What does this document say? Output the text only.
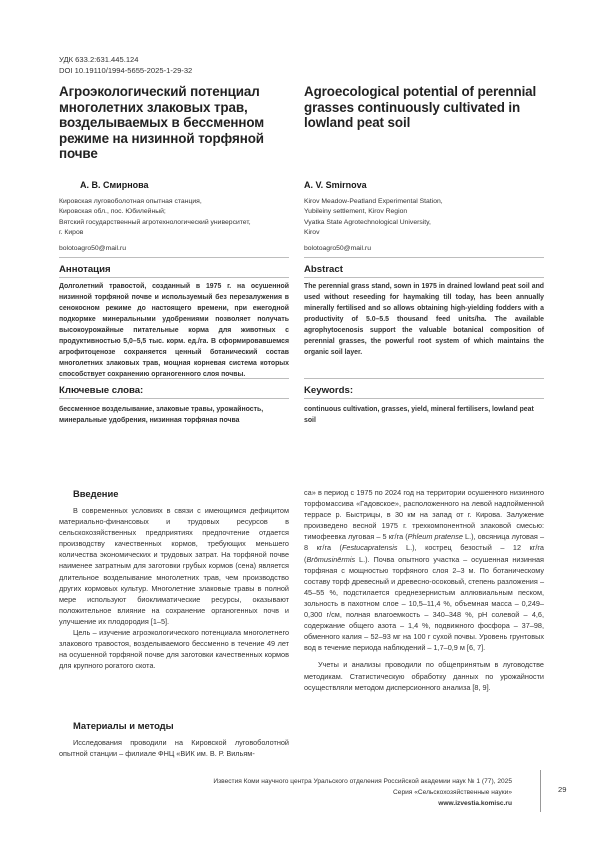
УДК 633.2:631.445.124
DOI 10.19110/1994-5655-2025-1-29-32
Агроэкологический потенциал многолетних злаковых трав, возделываемых в бессменном режиме на низинной торфяной почве
Agroecological potential of perennial grasses continuously cultivated in lowland peat soil
А. В. Смирнова	A. V. Smirnova
Кировская луговоболотная опытная станция,
Кировская обл., пос. Юбилейный;
Вятский государственный агротехнологический университет,
г. Киров
Kirov Meadow-Peatland Experimental Station,
Yubileiny settlement, Kirov Region
Vyatka State Agrotechnological University,
Kirov
bolotoagro50@mail.ru	bolotoagro50@mail.ru
Аннотация	Abstract
Долголетний травостой, созданный в 1975 г. на осушенной низинной торфяной почве и используемый без перезалужения в сенокосном режиме до настоящего времени, при ежегодной подкормке минеральными удобрениями позволяет получать высокоурожайные питательные корма для животных с продуктивностью 5,0–5,5 тыс. корм. ед./га. В сформировавшемся агрофитоценозе сохраняется ценный ботанический состав многолетних злаковых трав, мощная корневая система которых способствует сохранению органогенного слоя почвы.
The perennial grass stand, sown in 1975 in drained lowland peat soil and used without reseeding for haymaking till today, has been annually minerally fertilised and so allows obtaining high-yielding fodders with a productivity of 5.0–5.5 thousand feed units/ha. The available agrophytocenosis support the valuable botanical composition of perennial grasses, the powerful root system of which maintains the organic soil layer.
Ключевые слова:	Keywords:
бессменное возделывание, злаковые травы, урожайность, минеральные удобрения, низинная торфяная почва
continuous cultivation, grasses, yield, mineral fertilisers, lowland peat soil
Введение

В современных условиях в связи с имеющимся дефицитом материально-финансовых и трудовых ресурсов в сельскохозяйственных предприятиях предпочтение отдается производству качественных кормов, требующих меньшего количества экономических и трудовых затрат. На торфяной почве наименее затратным для заготовки грубых кормов (сена) является длительное возделывание многолетних трав, чем производство других кормовых культур. Многолетние злаковые травы в полной мере используют биоклиматические ресурсы, оказывают положительное влияние на сохранение органогенных почв и улучшение их плодородия [1–5].

Цель – изучение агроэкологического потенциала многолетнего злакового травостоя, возделываемого бессменно в течение 49 лет на осушенной торфяной почве для заготовки качественных кормов для крупного рогатого скота.

Материалы и методы

Исследования проводили на Кировской луговоболотной опытной станции – филиале ФНЦ «ВИК им. В. Р. Вильям-

са» в период с 1975 по 2024 год на территории осушенного низинного торфомассива «Гадовское», расположенного на левой надпойменной террасе р. Быстрицы, в 30 км на запад от г. Кирова. Залужение произведено весной 1975 г. трехкомпонентной злаковой смесью: тимофеевка луговая – 5 кг/га (Phleum pratense L.), овсяница луговая – 8 кг/га (Festucapratensis L.), кострец безостый – 12 кг/га (Brōmusinērmis L.). Почва опытного участка – осушенная низинная торфяная с мощностью торфяного слоя 2–3 м. По ботаническому составу торф древесный и древесно-осоковый, степень разложения – 45–55 %, подстилается среднезернистым аллювиальным песком, зольность в пахотном слое – 10,5–11,4 %, объемная масса – 0,249–0,300 г/см, полная влагоемкость – 340–348 %, pH солевой – 4,6, содержание общего азота – 1,4 %, подвижного фосфора – 37–98, обменного калия – 52–93 мг на 100 г сухой почвы. Уровень грунтовых вод в течение периода наблюдений – 1,7–0,9 м [6, 7].

Учеты и анализы проводили по общепринятым в луговодстве методикам. Статистическую обработку данных по урожайности осуществляли методом дисперсионного анализа [8, 9].

Известия Коми научного центра Уральского отделения Российской академии наук № 1 (77), 2025
Серия «Сельскохозяйственные науки»
www.izvestia.komisc.ru
29
